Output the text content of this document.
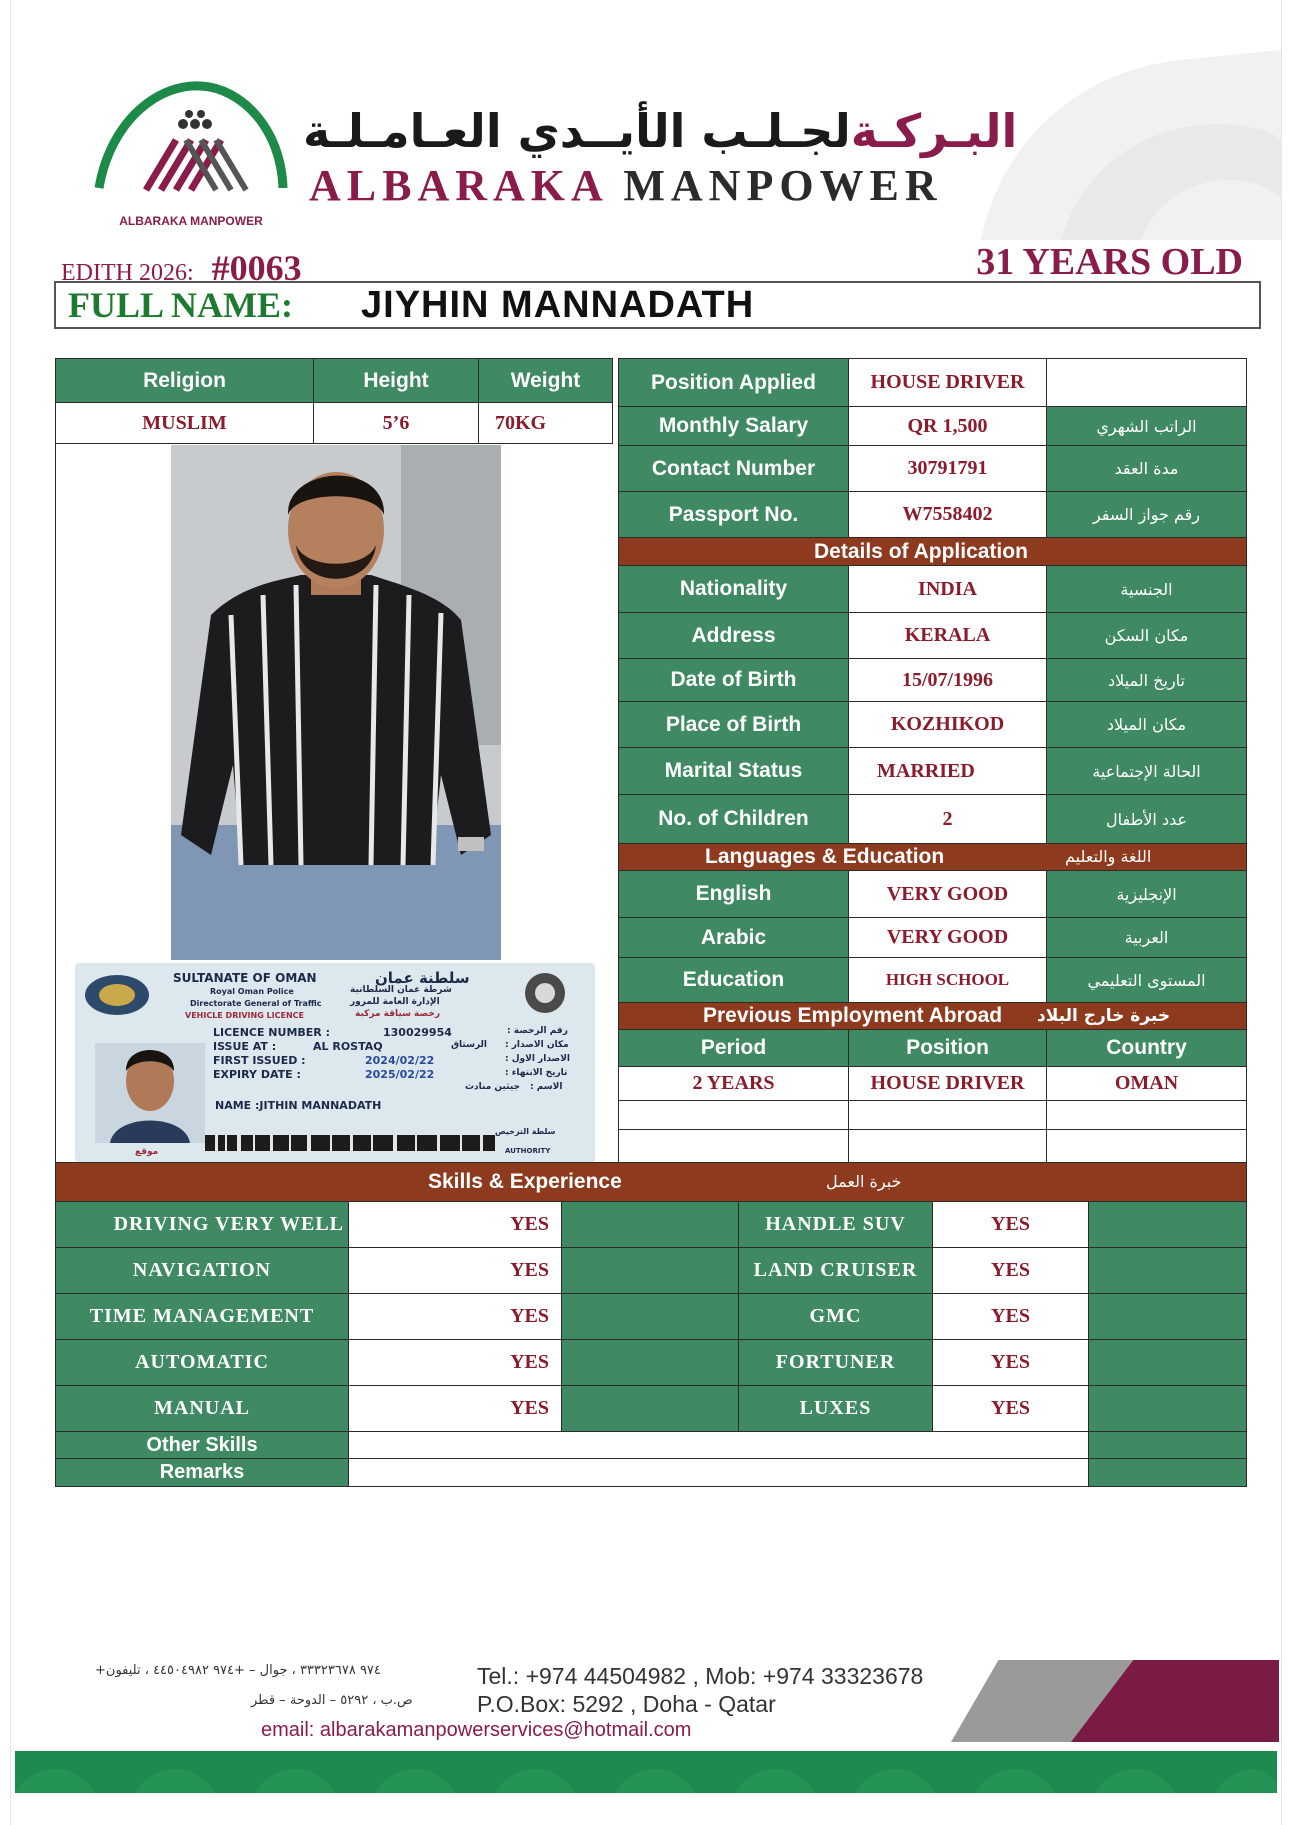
ALBARAKA MANPOWER
البـركـةلجـلـب الأيــدي العـامـلـة
ALBARAKA MANPOWER
EDITH 2026: #0063	31 YEARS OLD
FULL NAME: JIYHIN MANNADATH
Religion	Height	Weight
MUSLIM	5’6	70KG
SULTANATE OF OMAN	سلطنة عمان
Royal Oman Police	شرطة عمان السلطانية
Directorate General of Traffic	الإدارة العامة للمرور
VEHICLE DRIVING LICENCE	رخصة سياقة مركبة
LICENCE NUMBER :	130029954	: رقم الرخصة
ISSUE AT :	AL ROSTAQ	الرستاق : مكان الاصدار
FIRST ISSUED :	2024/02/22	: الاصدار الاول
EXPIRY DATE :	2025/02/22	: تاريخ الانتهاء
جيثين منادث : الاسم
NAME :JITHIN MANNADATH
موقع
سلطة الترخيص
AUTHORITY
Position Applied	HOUSE DRIVER
Monthly Salary	QR 1,500	الراتب الشهري
Contact Number	30791791	مدة العقد
Passport No.	W7558402	رقم جواز السفر
Details of Application
Nationality	INDIA	الجنسية
Address	KERALA	مكان السكن
Date of Birth	15/07/1996	تاريخ الميلاد
Place of Birth	KOZHIKOD	مكان الميلاد
Marital Status	MARRIED	الحالة الإجتماعية
No. of Children	2	عدد الأطفال
Languages & Education	اللغة والتعليم
English	VERY GOOD	الإنجليزية
Arabic	VERY GOOD	العربية
Education	HIGH SCHOOL	المستوى التعليمي
Previous Employment Abroad خبرة خارج البلاد
Period	Position	Country
2 YEARS	HOUSE DRIVER	OMAN
Skills & Experience	خبرة العمل
DRIVING VERY WELL	YES	HANDLE SUV	YES
NAVIGATION	YES	LAND CRUISER	YES
TIME MANAGEMENT	YES	GMC	YES
AUTOMATIC	YES	FORTUNER	YES
MANUAL	YES	LUXES	YES
Other Skills
Remarks
+٩٧٤ ٣٣٣٢٣٦٧٨ ، جوال – +٩٧٤ ٤٤٥٠٤٩٨٢ ، تليفون	Tel.: +974 44504982 , Mob: +974 33323678
ص.ب ، ٥٢٩٢ – الدوحة – قطر	P.O.Box: 5292 , Doha - Qatar
email: albarakamanpowerservices@hotmail.com
